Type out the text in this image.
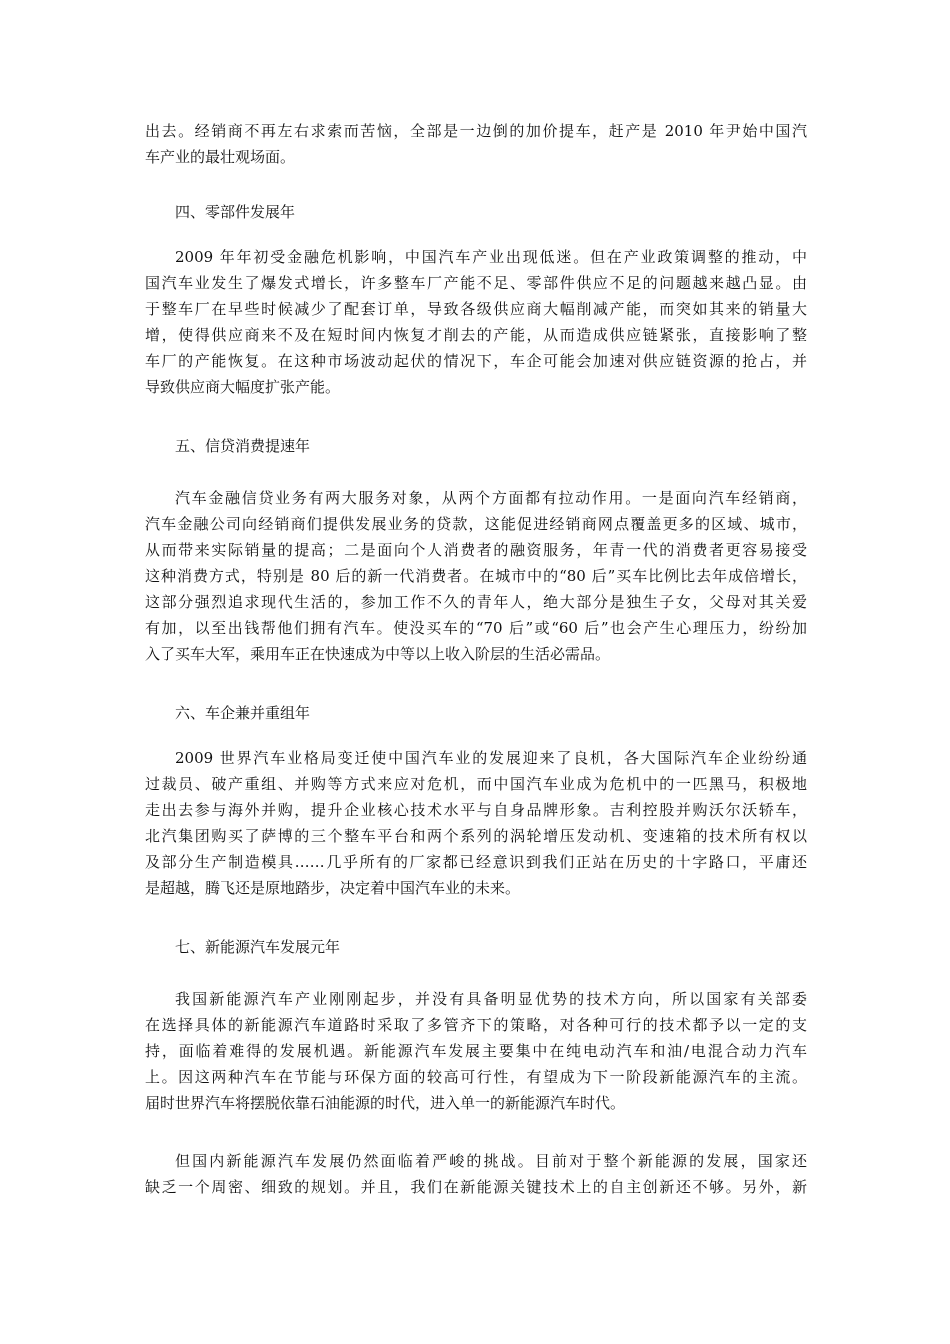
出去。经销商不再左右求索而苦恼，全部是一边倒的加价提车，赶产是 2010 年尹始中国汽
车产业的最壮观场面。
四、零部件发展年
2009 年年初受金融危机影响，中国汽车产业出现低迷。但在产业政策调整的推动，中
国汽车业发生了爆发式增长，许多整车厂产能不足、零部件供应不足的问题越来越凸显。由
于整车厂在早些时候减少了配套订单，导致各级供应商大幅削减产能，而突如其来的销量大
增，使得供应商来不及在短时间内恢复才削去的产能，从而造成供应链紧张，直接影响了整
车厂的产能恢复。在这种市场波动起伏的情况下，车企可能会加速对供应链资源的抢占，并
导致供应商大幅度扩张产能。
五、信贷消费提速年
汽车金融信贷业务有两大服务对象，从两个方面都有拉动作用。一是面向汽车经销商，
汽车金融公司向经销商们提供发展业务的贷款，这能促进经销商网点覆盖更多的区域、城市，
从而带来实际销量的提高；二是面向个人消费者的融资服务，年青一代的消费者更容易接受
这种消费方式，特别是 80 后的新一代消费者。在城市中的“80 后”买车比例比去年成倍增长，
这部分强烈追求现代生活的，参加工作不久的青年人，绝大部分是独生子女，父母对其关爱
有加，以至出钱帮他们拥有汽车。使没买车的“70 后”或“60 后”也会产生心理压力，纷纷加
入了买车大军，乘用车正在快速成为中等以上收入阶层的生活必需品。
六、车企兼并重组年
2009 世界汽车业格局变迁使中国汽车业的发展迎来了良机，各大国际汽车企业纷纷通
过裁员、破产重组、并购等方式来应对危机，而中国汽车业成为危机中的一匹黑马，积极地
走出去参与海外并购，提升企业核心技术水平与自身品牌形象。吉利控股并购沃尔沃轿车，
北汽集团购买了萨博的三个整车平台和两个系列的涡轮增压发动机、变速箱的技术所有权以
及部分生产制造模具……几乎所有的厂家都已经意识到我们正站在历史的十字路口，平庸还
是超越，腾飞还是原地踏步，决定着中国汽车业的未来。
七、新能源汽车发展元年
我国新能源汽车产业刚刚起步，并没有具备明显优势的技术方向，所以国家有关部委
在选择具体的新能源汽车道路时采取了多管齐下的策略，对各种可行的技术都予以一定的支
持，面临着难得的发展机遇。新能源汽车发展主要集中在纯电动汽车和油/电混合动力汽车
上。因这两种汽车在节能与环保方面的较高可行性，有望成为下一阶段新能源汽车的主流。
届时世界汽车将摆脱依靠石油能源的时代，进入单一的新能源汽车时代。
但国内新能源汽车发展仍然面临着严峻的挑战。目前对于整个新能源的发展，国家还
缺乏一个周密、细致的规划。并且，我们在新能源关键技术上的自主创新还不够。另外，新
